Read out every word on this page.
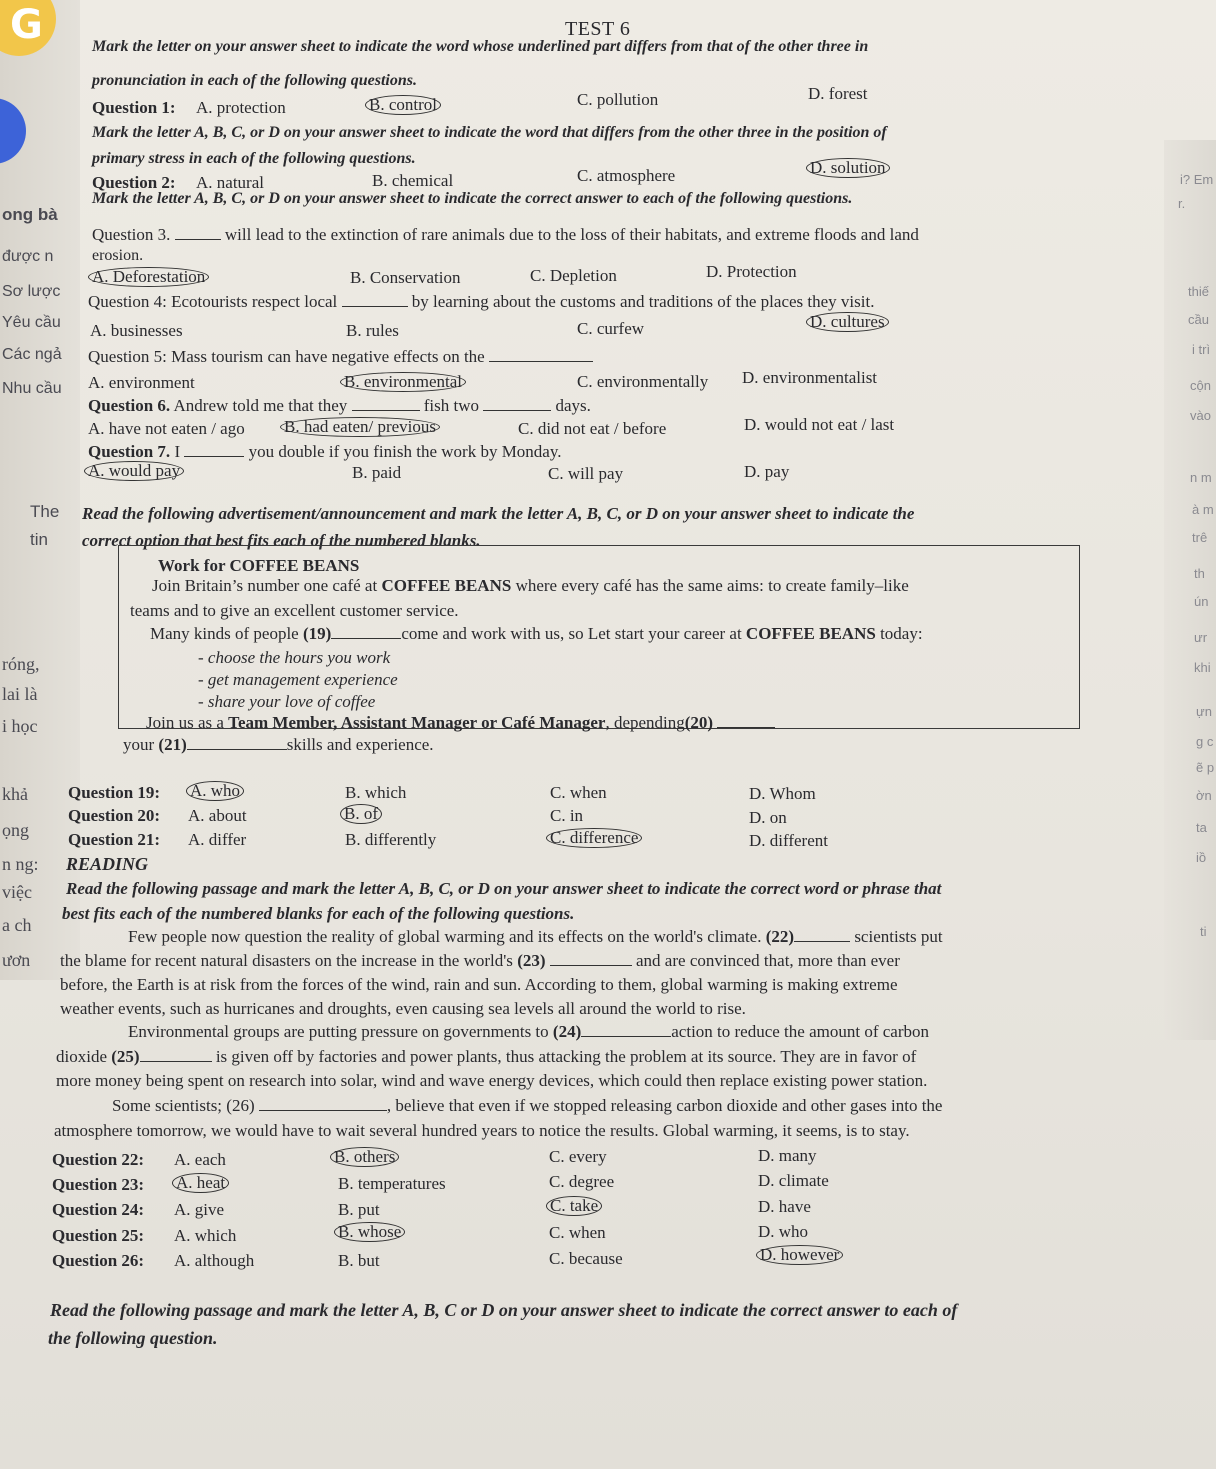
G
ong bà
được n
Sơ lược
Yêu cầu
Các ngả
Nhu cầu
The
tin
róng,
lai là
i học
khả
ọng
n ng:
việc
a ch
ươn
i? Em
r.
thiế
cầu
i trì
cộn
vào
n m
à m
trê
th
ún
ưr
khi
ựn
g c
ẽ p
ờn
ta
iồ
ti
TEST 6
Mark the letter on your answer sheet to indicate the word whose underlined part differs from that of the other three in
pronunciation in each of the following questions.
Question 1: A. protection	B. control	C. pollution	D. forest
Mark the letter A, B, C, or D on your answer sheet to indicate the word that differs from the other three in the position of
primary stress in each of the following questions.
Question 2: A. natural	B. chemical	C. atmosphere	D. solution
Mark the letter A, B, C, or D on your answer sheet to indicate the correct answer to each of the following questions.
Question 3.	will lead to the extinction of rare animals due to the loss of their habitats, and extreme floods and land
erosion.
A. Deforestation	B. Conservation	C. Depletion	D. Protection
Question 4: Ecotourists respect local	by learning about the customs and traditions of the places they visit.
A. businesses	B. rules	C. curfew	D. cultures
Question 5: Mass tourism can have negative effects on the
A. environment	B. environmental	C. environmentally D. environmentalist
Question 6. Andrew told me that they	fish two	days.
A. have not eaten / ago B. had eaten/ previous	C. did not eat / before	D. would not eat / last
Question 7. I	you double if you finish the work by Monday.
A. would pay	B. paid	C. will pay	D. pay
Read the following advertisement/announcement and mark the letter A, B, C, or D on your answer sheet to indicate the
correct option that best fits each of the numbered blanks.
Work for COFFEE BEANS
Join Britain’s number one café at COFFEE BEANS where every café has the same aims: to create family–like
teams and to give an excellent customer service.
Many kinds of people (19)	come and work with us, so Let start your career at COFFEE BEANS today:
- choose the hours you work
- get management experience
- share your love of coffee
Join us as a Team Member, Assistant Manager or Café Manager, depending(20)
your (21)	skills and experience.
Question 19: A. who	B. which	C. when	D. Whom
Question 20: A. about	B. of	C. in	D. on
Question 21: A. differ	B. differently	C. difference	D. different
READING
Read the following passage and mark the letter A, B, C, or D on your answer sheet to indicate the correct word or phrase that
best fits each of the numbered blanks for each of the following questions.
Few people now question the reality of global warming and its effects on the world's climate. (22)	scientists put
the blame for recent natural disasters on the increase in the world's (23)	and are convinced that, more than ever
before, the Earth is at risk from the forces of the wind, rain and sun. According to them, global warming is making extreme
weather events, such as hurricanes and droughts, even causing sea levels all around the world to rise.
Environmental groups are putting pressure on governments to (24)	action to reduce the amount of carbon
dioxide (25)	is given off by factories and power plants, thus attacking the problem at its source. They are in favor of
more money being spent on research into solar, wind and wave energy devices, which could then replace existing power station.
Some scientists; (26)	, believe that even if we stopped releasing carbon dioxide and other gases into the
atmosphere tomorrow, we would have to wait several hundred years to notice the results. Global warming, it seems, is to stay.
Question 22: A. each	B. others	C. every	D. many
Question 23: A. heat	B. temperatures	C. degree	D. climate
Question 24: A. give	B. put	C. take	D. have
Question 25: A. which	B. whose	C. when	D. who
Question 26: A. although	B. but	C. because	D. however
Read the following passage and mark the letter A, B, C or D on your answer sheet to indicate the correct answer to each of
the following question.
